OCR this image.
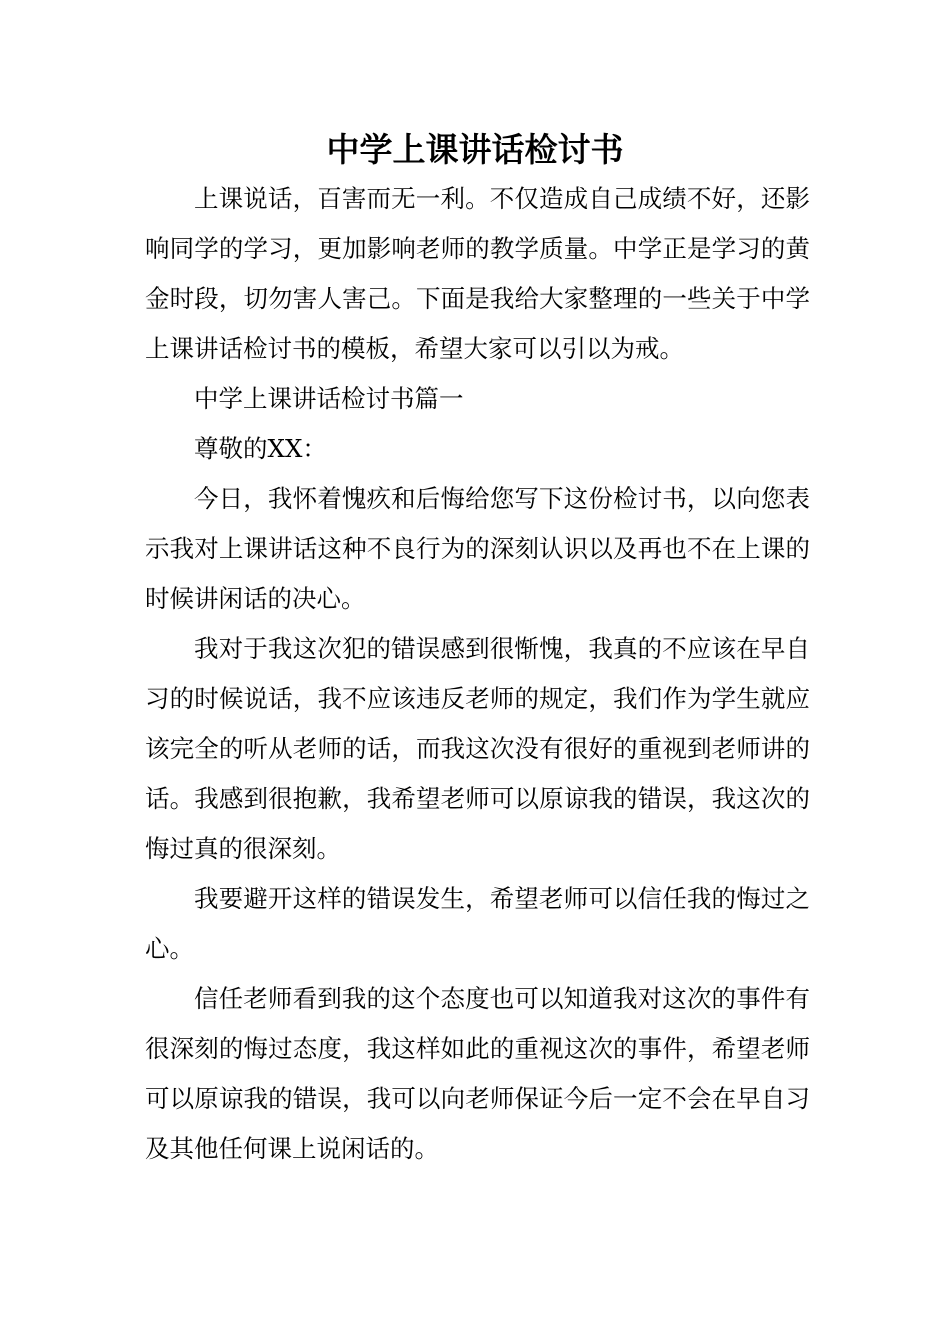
中学上课讲话检讨书

上课说话，百害而无一利。不仅造成自己成绩不好，还影响同学的学习，更加影响老师的教学质量。中学正是学习的黄金时段，切勿害人害己。下面是我给大家整理的一些关于中学上课讲话检讨书的模板，希望大家可以引以为戒。

中学上课讲话检讨书篇一

尊敬的XX：

今日，我怀着愧疚和后悔给您写下这份检讨书，以向您表示我对上课讲话这种不良行为的深刻认识以及再也不在上课的时候讲闲话的决心。

我对于我这次犯的错误感到很惭愧，我真的不应该在早自习的时候说话，我不应该违反老师的规定，我们作为学生就应该完全的听从老师的话，而我这次没有很好的重视到老师讲的话。我感到很抱歉，我希望老师可以原谅我的错误，我这次的悔过真的很深刻。

我要避开这样的错误发生，希望老师可以信任我的悔过之心。

信任老师看到我的这个态度也可以知道我对这次的事件有很深刻的悔过态度，我这样如此的重视这次的事件，希望老师可以原谅我的错误，我可以向老师保证今后一定不会在早自习及其他任何课上说闲话的。
